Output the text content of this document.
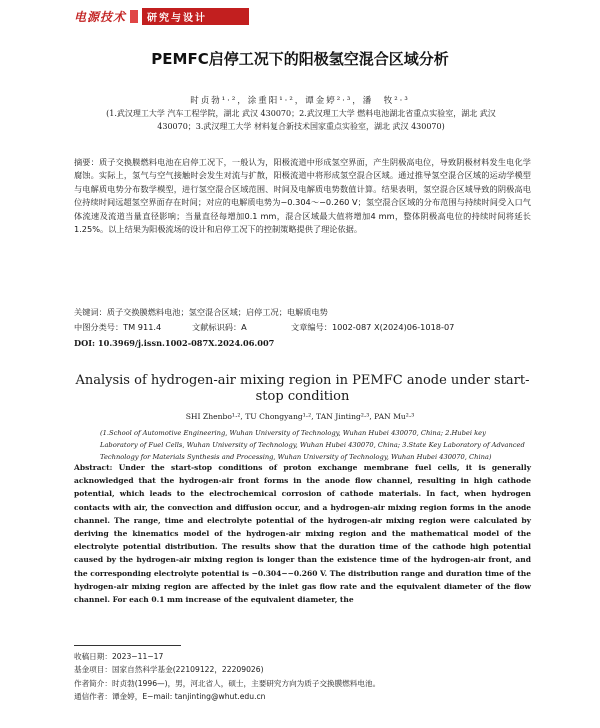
电源技术	研究与设计
PEMFC启停工况下的阳极氢空混合区域分析
时贞勃¹·²，涂重阳¹·²，谭金婷²·³，潘　牧²·³
(1.武汉理工大学 汽车工程学院，湖北 武汉 430070；2.武汉理工大学 燃料电池湖北省重点实验室，湖北 武汉 430070；3.武汉理工大学 材料复合新技术国家重点实验室，湖北 武汉 430070)
摘要：质子交换膜燃料电池在启停工况下，一般认为，阳极流道中形成氢空界面，产生阴极高电位，导致阴极材料发生电化学腐蚀。实际上，氢气与空气接触时会发生对流与扩散，阳极流道中将形成氢空混合区域。通过推导氢空混合区域的运动学模型与电解质电势分布数学模型，进行氢空混合区域范围、时间及电解质电势数值计算。结果表明，氢空混合区域导致的阴极高电位持续时间远超氢空界面存在时间；对应的电解质电势为−0.304～−0.260 V；氢空混合区域的分布范围与持续时间受入口气体流速及流道当量直径影响；当量直径每增加0.1 mm，混合区域最大值将增加4 mm，整体阴极高电位的持续时间将延长1.25%。以上结果为阳极流场的设计和启停工况下的控制策略提供了理论依据。
关键词：质子交换膜燃料电池；氢空混合区域；启停工况；电解质电势
中图分类号：TM 911.4	文献标识码：A	文章编号：1002-087 X(2024)06-1018-07
DOI: 10.3969/j.issn.1002-087X.2024.06.007
Analysis of hydrogen-air mixing region in PEMFC anode under start-stop condition
SHI Zhenbo¹·², TU Chongyang¹·², TAN Jinting²·³, PAN Mu²·³
(1.School of Automotive Engineering, Wuhan University of Technology, Wuhan Hubei 430070, China; 2.Hubei key Laboratory of Fuel Cells, Wuhan University of Technology, Wuhan Hubei 430070, China; 3.State Key Laboratory of Advanced Technology for Materials Synthesis and Processing, Wuhan University of Technology, Wuhan Hubei 430070, China)
Abstract: Under the start-stop conditions of proton exchange membrane fuel cells, it is generally acknowledged that the hydrogen-air front forms in the anode flow channel, resulting in high cathode potential, which leads to the electrochemical corrosion of cathode materials. In fact, when hydrogen contacts with air, the convection and diffusion occur, and a hydrogen-air mixing region forms in the anode channel. The range, time and electrolyte potential of the hydrogen-air mixing region were calculated by deriving the kinematics model of the hydrogen-air mixing region and the mathematical model of the electrolyte potential distribution. The results show that the duration time of the cathode high potential caused by the hydrogen-air mixing region is longer than the existence time of the hydrogen-air front, and the corresponding electrolyte potential is −0.304−−0.260 V. The distribution range and duration time of the hydrogen-air mixing region are affected by the inlet gas flow rate and the equivalent diameter of the flow channel. For each 0.1 mm increase of the equivalent diameter, the
收稿日期：2023−11−17
基金项目：国家自然科学基金(22109122，22209026)
作者简介：时贞勃(1996—)，男，河北省人，硕士，主要研究方向为质子交换膜燃料电池。
通信作者：谭金婷，E−mail: tanjinting@whut.edu.cn
